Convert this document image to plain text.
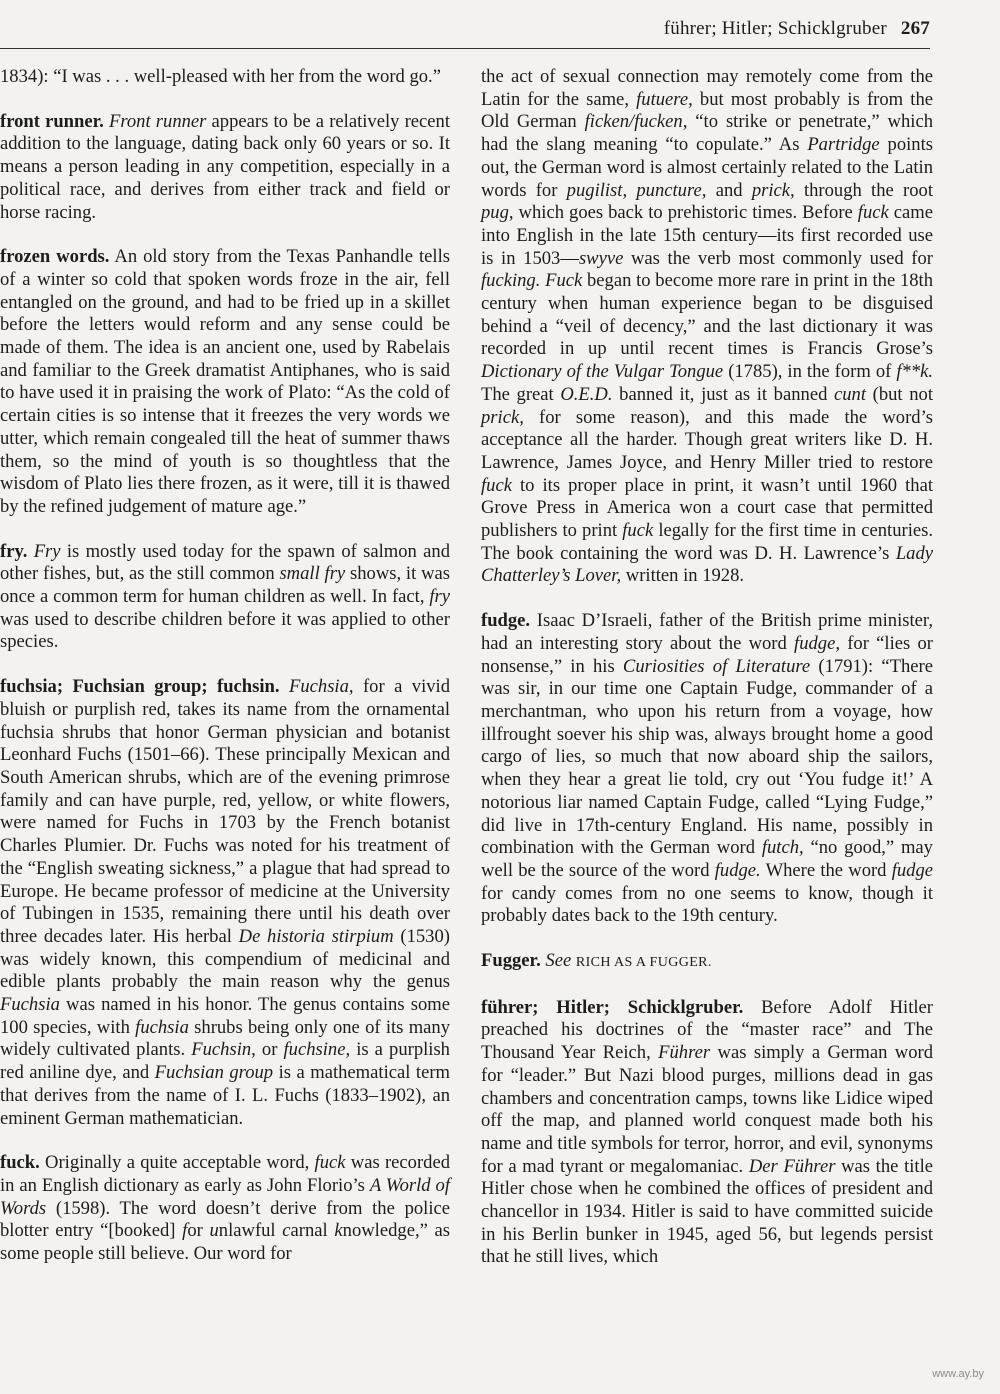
führer; Hitler; Schicklgruber 267

1834): “I was . . . well-pleased with her from the word go.”

front runner. Front runner appears to be a relatively recent addition to the language, dating back only 60 years or so. It means a person leading in any competition, especially in a political race, and derives from either track and field or horse racing.

frozen words. An old story from the Texas Panhandle tells of a winter so cold that spoken words froze in the air, fell entangled on the ground, and had to be fried up in a skillet before the letters would reform and any sense could be made of them. The idea is an ancient one, used by Rabelais and familiar to the Greek dramatist Antiphanes, who is said to have used it in praising the work of Plato: “As the cold of certain cities is so intense that it freezes the very words we utter, which remain congealed till the heat of summer thaws them, so the mind of youth is so thoughtless that the wisdom of Plato lies there frozen, as it were, till it is thawed by the refined judgement of mature age.”

fry. Fry is mostly used today for the spawn of salmon and other fishes, but, as the still common small fry shows, it was once a common term for human children as well. In fact, fry was used to describe children before it was applied to other species.

fuchsia; Fuchsian group; fuchsin. Fuchsia, for a vivid bluish or purplish red, takes its name from the ornamental fuchsia shrubs that honor German physician and botanist Leonhard Fuchs (1501–66). These principally Mexican and South American shrubs, which are of the evening primrose family and can have purple, red, yellow, or white flowers, were named for Fuchs in 1703 by the French botanist Charles Plumier. Dr. Fuchs was noted for his treatment of the “English sweating sickness,” a plague that had spread to Europe. He became professor of medicine at the University of Tubingen in 1535, remaining there until his death over three decades later. His herbal De historia stirpium (1530) was widely known, this compendium of medicinal and edible plants probably the main reason why the genus Fuchsia was named in his honor. The genus contains some 100 species, with fuchsia shrubs being only one of its many widely cultivated plants. Fuchsin, or fuchsine, is a purplish red aniline dye, and Fuchsian group is a mathematical term that derives from the name of I. L. Fuchs (1833–1902), an eminent German mathematician.

fuck. Originally a quite acceptable word, fuck was recorded in an English dictionary as early as John Florio’s A World of Words (1598). The word doesn’t derive from the police blotter entry “[booked] for unlawful carnal knowledge,” as some people still believe. Our word for

the act of sexual connection may remotely come from the Latin for the same, futuere, but most probably is from the Old German ficken/fucken, “to strike or penetrate,” which had the slang meaning “to copulate.” As Partridge points out, the German word is almost certainly related to the Latin words for pugilist, puncture, and prick, through the root pug, which goes back to prehistoric times. Before fuck came into English in the late 15th century—its first recorded use is in 1503—swyve was the verb most commonly used for fucking. Fuck began to become more rare in print in the 18th century when human experience began to be disguised behind a “veil of decency,” and the last dictionary it was recorded in up until recent times is Francis Grose’s Dictionary of the Vulgar Tongue (1785), in the form of f**k. The great O.E.D. banned it, just as it banned cunt (but not prick, for some reason), and this made the word’s acceptance all the harder. Though great writers like D. H. Lawrence, James Joyce, and Henry Miller tried to restore fuck to its proper place in print, it wasn’t until 1960 that Grove Press in America won a court case that permitted publishers to print fuck legally for the first time in centuries. The book containing the word was D. H. Lawrence’s Lady Chatterley’s Lover, written in 1928.

fudge. Isaac D’Israeli, father of the British prime minister, had an interesting story about the word fudge, for “lies or nonsense,” in his Curiosities of Literature (1791): “There was sir, in our time one Captain Fudge, commander of a merchantman, who upon his return from a voyage, how illfrought soever his ship was, always brought home a good cargo of lies, so much that now aboard ship the sailors, when they hear a great lie told, cry out ‘You fudge it!’ A notorious liar named Captain Fudge, called “Lying Fudge,” did live in 17th-century England. His name, possibly in combination with the German word futch, “no good,” may well be the source of the word fudge. Where the word fudge for candy comes from no one seems to know, though it probably dates back to the 19th century.

Fugger. See RICH AS A FUGGER.

führer; Hitler; Schicklgruber. Before Adolf Hitler preached his doctrines of the “master race” and The Thousand Year Reich, Führer was simply a German word for “leader.” But Nazi blood purges, millions dead in gas chambers and concentration camps, towns like Lidice wiped off the map, and planned world conquest made both his name and title symbols for terror, horror, and evil, synonyms for a mad tyrant or megalomaniac. Der Führer was the title Hitler chose when he combined the offices of president and chancellor in 1934. Hitler is said to have committed suicide in his Berlin bunker in 1945, aged 56, but legends persist that he still lives, which

www.ay.by
